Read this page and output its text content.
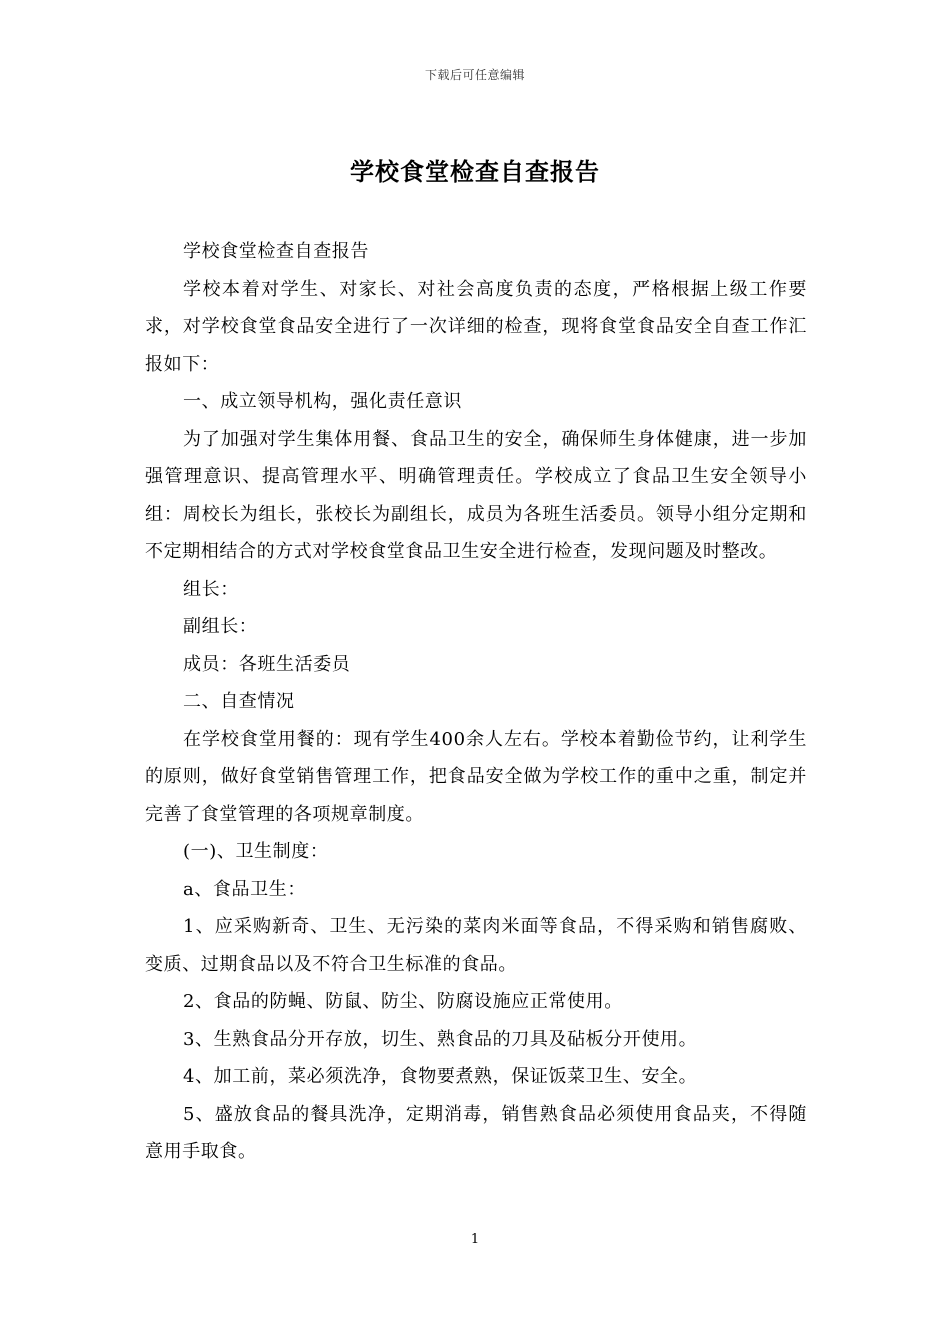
下载后可任意编辑
学校食堂检查自查报告

学校食堂检查自查报告

学校本着对学生、对家长、对社会高度负责的态度，严格根据上级工作要求，对学校食堂食品安全进行了一次详细的检查，现将食堂食品安全自查工作汇报如下：

一、成立领导机构，强化责任意识

为了加强对学生集体用餐、食品卫生的安全，确保师生身体健康，进一步加强管理意识、提高管理水平、明确管理责任。学校成立了食品卫生安全领导小组：周校长为组长，张校长为副组长，成员为各班生活委员。领导小组分定期和不定期相结合的方式对学校食堂食品卫生安全进行检查，发现问题及时整改。

组长：

副组长：

成员：各班生活委员

二、自查情况

在学校食堂用餐的：现有学生400余人左右。学校本着勤俭节约，让利学生的原则，做好食堂销售管理工作，把食品安全做为学校工作的重中之重，制定并完善了食堂管理的各项规章制度。

(一)、卫生制度：

a、食品卫生：

1、应采购新奇、卫生、无污染的菜肉米面等食品，不得采购和销售腐败、变质、过期食品以及不符合卫生标准的食品。

2、食品的防蝇、防鼠、防尘、防腐设施应正常使用。

3、生熟食品分开存放，切生、熟食品的刀具及砧板分开使用。

4、加工前，菜必须洗净，食物要煮熟，保证饭菜卫生、安全。

5、盛放食品的餐具洗净，定期消毒，销售熟食品必须使用食品夹，不得随意用手取食。

1
